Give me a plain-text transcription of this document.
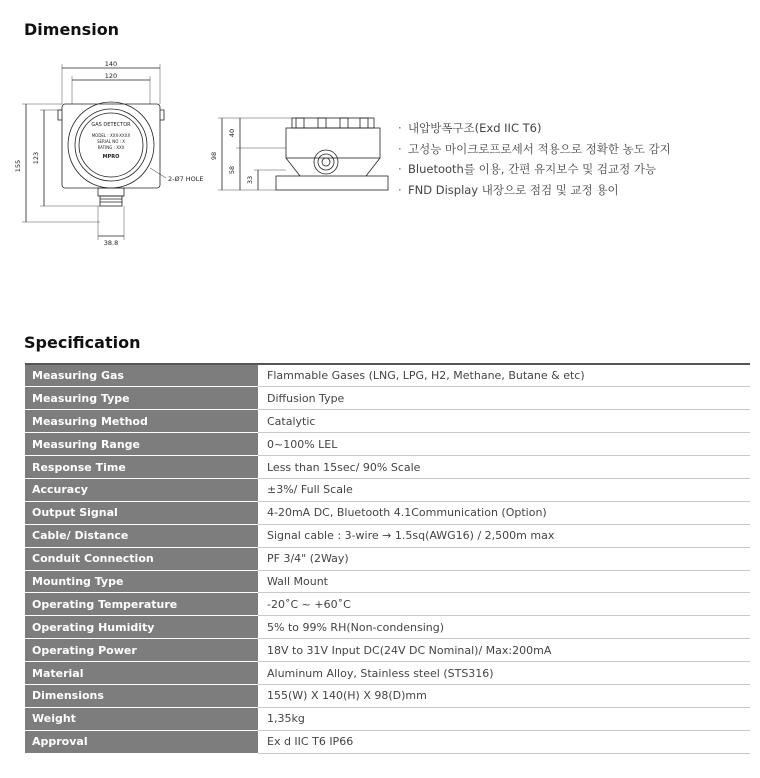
Dimension
GAS DETECTOR
MODEL : XXX-XXXX
SERIAL NO : X
RATING : XXX
MPRO
140
120
155
123
2-Ø7 HOLE
38.8
98
40
58
33
· 내압방폭구조(Exd IIC T6)
· 고성능 마이크로프로세서 적용으로 정확한 농도 감지
· Bluetooth를 이용, 간편 유지보수 및 검교정 가능
· FND Display 내장으로 점검 및 교정 용이
Specification
Measuring Gas	Flammable Gases (LNG, LPG, H2, Methane, Butane & etc)
Measuring Type	Diffusion Type
Measuring Method	Catalytic
Measuring Range	0~100% LEL
Response Time	Less than 15sec/ 90% Scale
Accuracy	±3%/ Full Scale
Output Signal	4-20mA DC, Bluetooth 4.1Communication (Option)
Cable/ Distance	Signal cable : 3-wire → 1.5sq(AWG16) / 2,500m max
Conduit Connection	PF 3/4" (2Way)
Mounting Type	Wall Mount
Operating Temperature	-20˚C ~ +60˚C
Operating Humidity	5% to 99% RH(Non-condensing)
Operating Power	18V to 31V Input DC(24V DC Nominal)/ Max:200mA
Material	Aluminum Alloy, Stainless steel (STS316)
Dimensions	155(W) X 140(H) X 98(D)mm
Weight	1,35kg
Approval	Ex d IIC T6 IP66
